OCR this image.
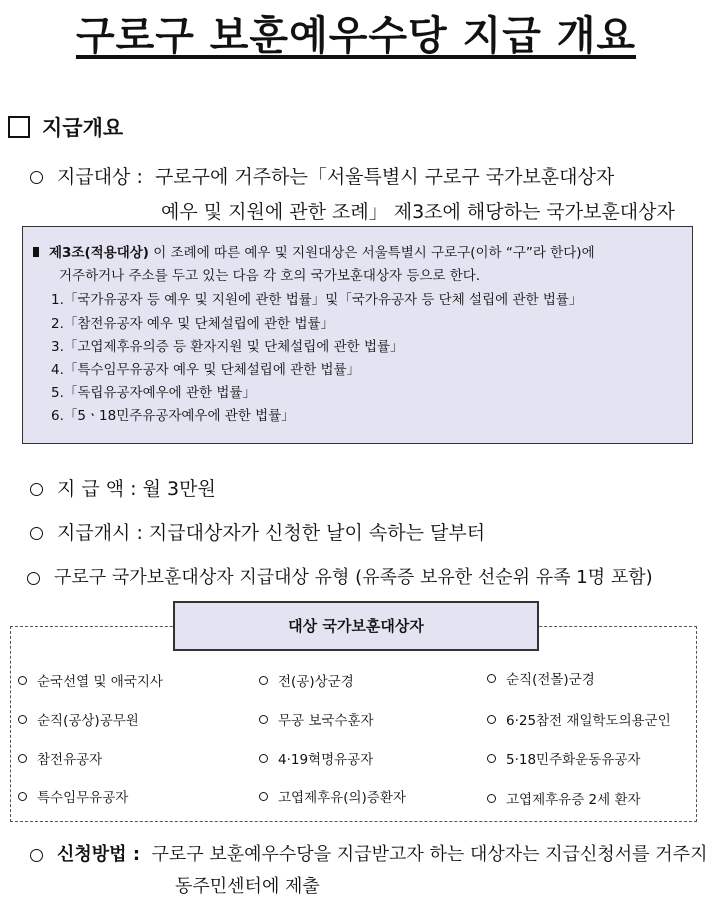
구로구 보훈예우수당 지급 개요
지급개요
지급대상 : 구로구에 거주하는「서울특별시 구로구 국가보훈대상자
예우 및 지원에 관한 조례」 제3조에 해당하는 국가보훈대상자
제3조(적용대상) 이 조례에 따른 예우 및 지원대상은 서울특별시 구로구(이하 “구”라 한다)에
거주하거나 주소를 두고 있는 다음 각 호의 국가보훈대상자 등으로 한다.
1.「국가유공자 등 예우 및 지원에 관한 법률」및「국가유공자 등 단체 설립에 관한 법률」
2.「참전유공자 예우 및 단체설립에 관한 법률」
3.「고엽제후유의증 등 환자지원 및 단체설립에 관한 법률」
4.「특수임무유공자 예우 및 단체설립에 관한 법률」
5.「독립유공자예우에 관한 법률」
6.「5ㆍ18민주유공자예우에 관한 법률」
지 급 액 : 월 3만원
지급개시 : 지급대상자가 신청한 날이 속하는 달부터
구로구 국가보훈대상자 지급대상 유형 (유족증 보유한 선순위 유족 1명 포함)
대상 국가보훈대상자
순국선열 및 애국지사	전(공)상군경	순직(전몰)군경
순직(공상)공무원	무공 보국수훈자	6·25참전 재일학도의용군인
참전유공자	4·19혁명유공자	5·18민주화운동유공자
특수임무유공자	고엽제후유(의)증환자	고엽제후유증 2세 환자
신청방법 : 구로구 보훈예우수당을 지급받고자 하는 대상자는 지급신청서를 거주지
동주민센터에 제출
